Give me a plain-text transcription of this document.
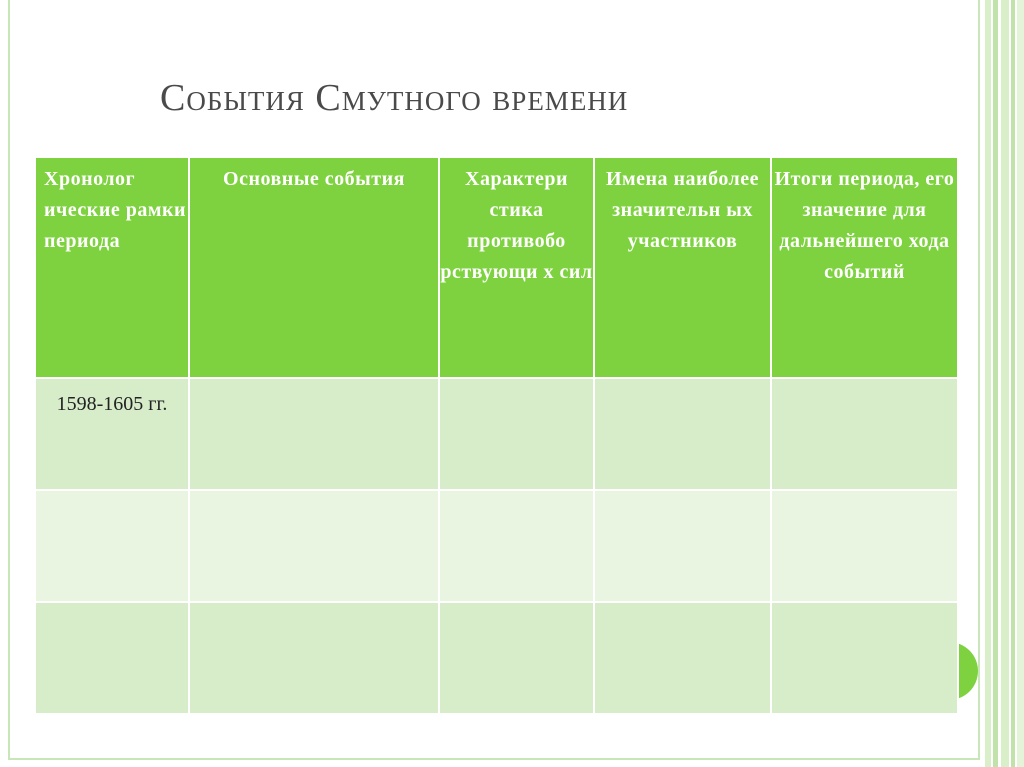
События Смутного времени
Хронолог ические рамки периода	Основные события	Характери стика противобо рствующи х сил	Имена наиболее значительн ых участников	Итоги периода, его значение для дальнейшего хода событий

1598-1605 гг.				
